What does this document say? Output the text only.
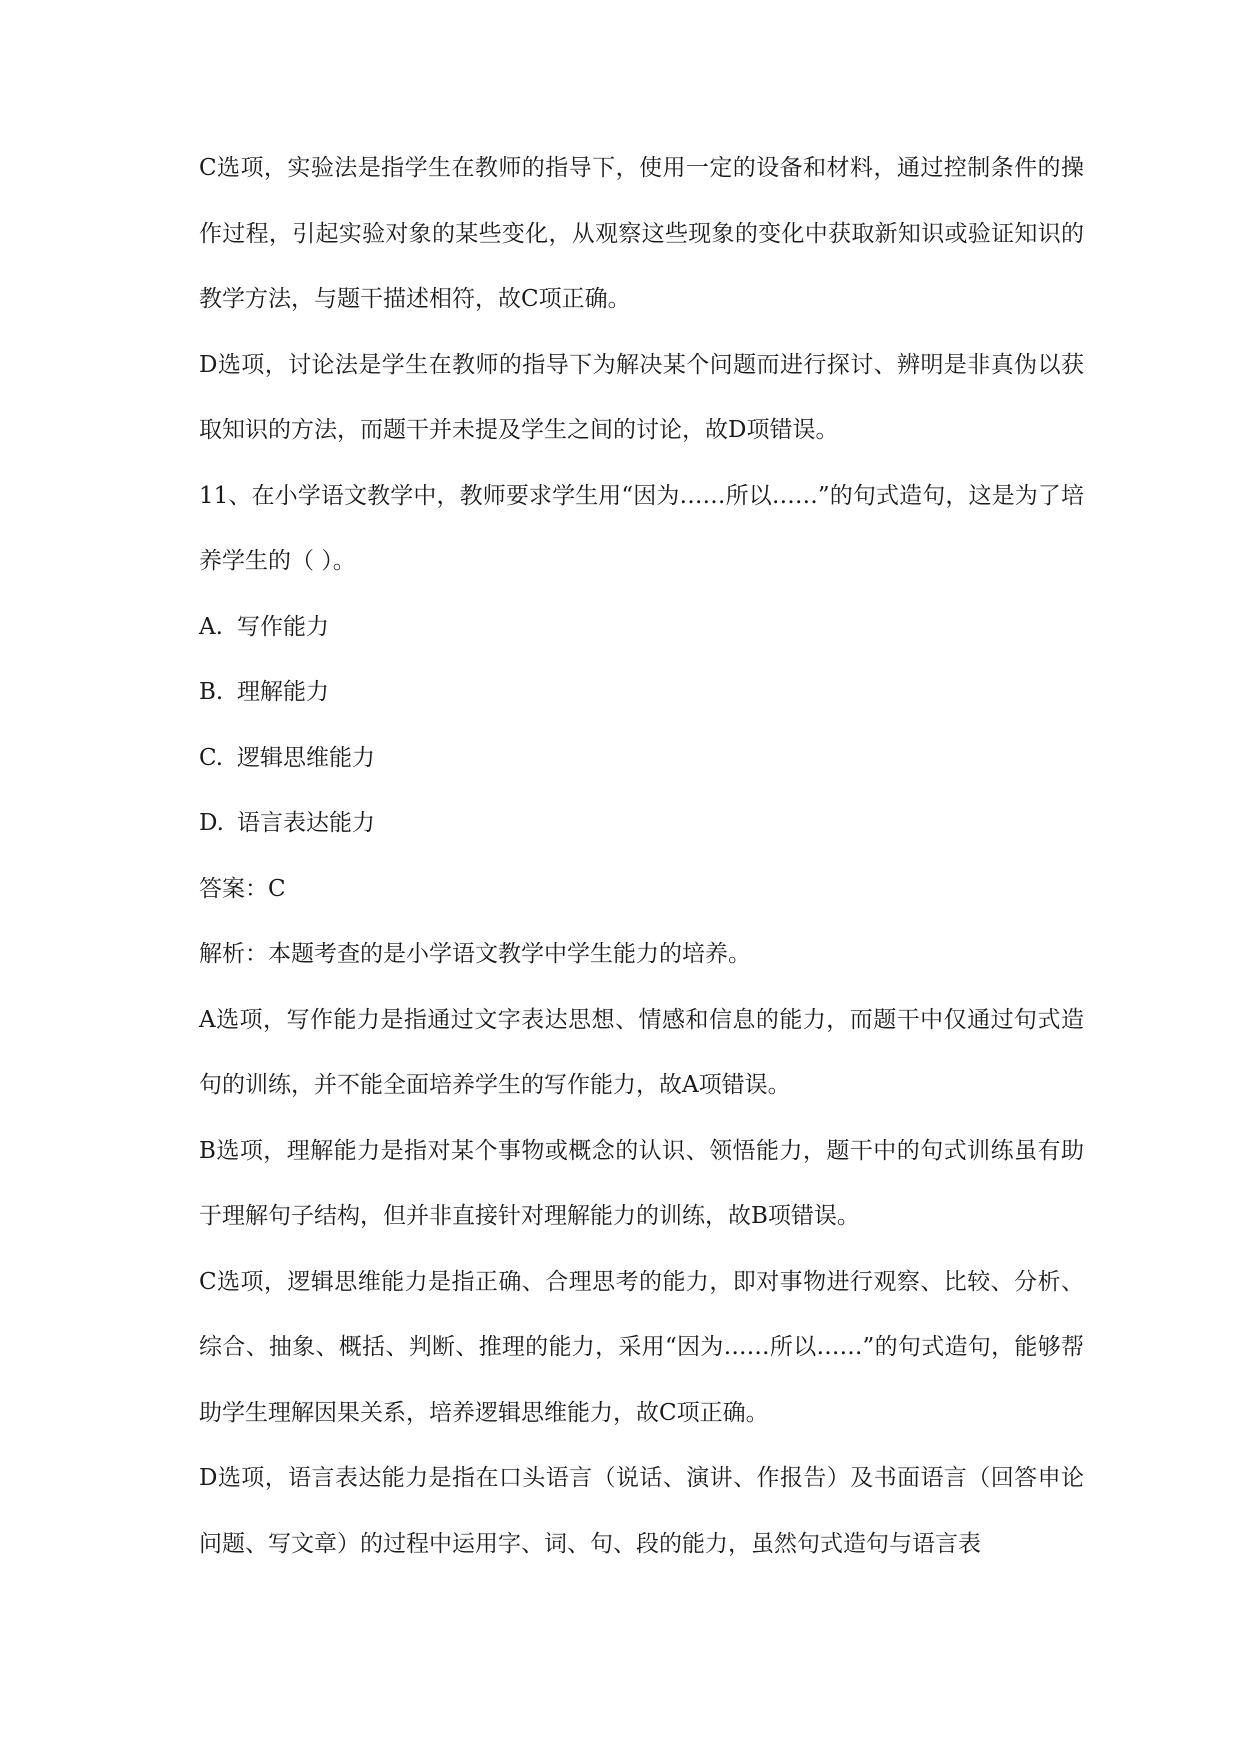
C选项，实验法是指学生在教师的指导下，使用一定的设备和材料，通过控制条件的操作过程，引起实验对象的某些变化，从观察这些现象的变化中获取新知识或验证知识的教学方法，与题干描述相符，故C项正确。

D选项，讨论法是学生在教师的指导下为解决某个问题而进行探讨、辨明是非真伪以获取知识的方法，而题干并未提及学生之间的讨论，故D项错误。

11、在小学语文教学中，教师要求学生用“因为……所以……”的句式造句，这是为了培养学生的（ ）。

A. 写作能力

B. 理解能力

C. 逻辑思维能力

D. 语言表达能力

答案：C

解析：本题考查的是小学语文教学中学生能力的培养。

A选项，写作能力是指通过文字表达思想、情感和信息的能力，而题干中仅通过句式造句的训练，并不能全面培养学生的写作能力，故A项错误。

B选项，理解能力是指对某个事物或概念的认识、领悟能力，题干中的句式训练虽有助于理解句子结构，但并非直接针对理解能力的训练，故B项错误。

C选项，逻辑思维能力是指正确、合理思考的能力，即对事物进行观察、比较、分析、综合、抽象、概括、判断、推理的能力，采用“因为……所以……”的句式造句，能够帮助学生理解因果关系，培养逻辑思维能力，故C项正确。

D选项，语言表达能力是指在口头语言（说话、演讲、作报告）及书面语言（回答申论问题、写文章）的过程中运用字、词、句、段的能力，虽然句式造句与语言表
